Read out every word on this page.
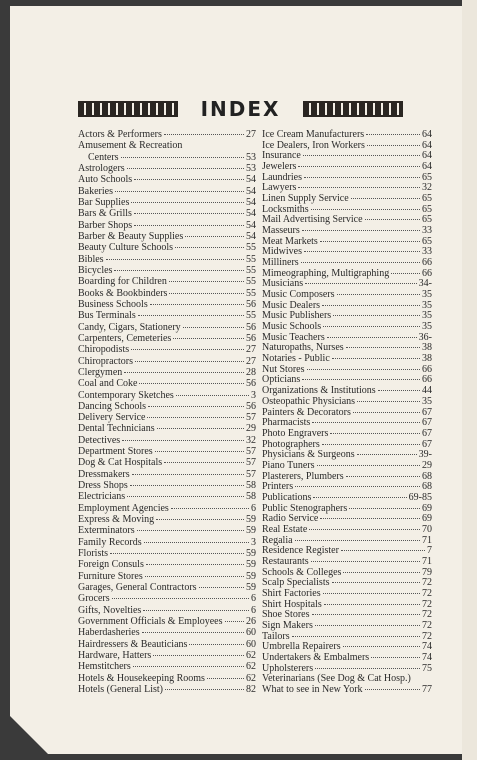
INDEX
Actors & Performers	27
Amusement & Recreation
Centers	53
Astrologers	53
Auto Schools	54
Bakeries	54
Bar Supplies	54
Bars & Grills	54
Barber Shops	54
Barber & Beauty Supplies	54
Beauty Culture Schools	55
Bibles	55
Bicycles	55
Boarding for Children	55
Books & Bookbinders	55
Business Schools	56
Bus Terminals	55
Candy, Cigars, Stationery	56
Carpenters, Cemeteries	56
Chiropodists	27
Chiropractors	27
Clergymen	28
Coal and Coke	56
Contemporary Sketches	3
Dancing Schools	56
Delivery Service	57
Dental Technicians	29
Detectives	32
Department Stores	57
Dog & Cat Hospitals	57
Dressmakers	57
Dress Shops	58
Electricians	58
Employment Agencies	6
Express & Moving	59
Exterminators	59
Family Records	3
Florists	59
Foreign Consuls	59
Furniture Stores	59
Garages, General Contractors	59
Grocers	6
Gifts, Novelties	6
Government Officials & Employees 26
Haberdasheries	60
Hairdressers & Beauticians	60
Hardware, Hatters	62
Hemstitchers	62
Hotels & Housekeeping Rooms	62
Hotels (General List)	82
Ice Cream Manufacturers	64
Ice Dealers, Iron Workers	64
Insurance	64
Jewelers	64
Laundries	65
Lawyers	32
Linen Supply Service	65
Locksmiths	65
Mail Advertising Service	65
Masseurs	33
Meat Markets	65
Midwives	33
Milliners	66
Mimeographing, Multigraphing	66
Musicians	34-
Music Composers	35
Music Dealers	35
Music Publishers	35
Music Schools	35
Music Teachers	36-
Naturopaths, Nurses	38
Notaries - Public	38
Nut Stores	66
Opticians	66
Organizations & Institutions	44
Osteopathic Physicians	35
Painters & Decorators	67
Pharmacists	67
Photo Engravers	67
Photographers	67
Physicians & Surgeons	39-
Piano Tuners	29
Plasterers, Plumbers	68
Printers	68
Publications	69-85
Public Stenographers	69
Radio Service	69
Real Estate	70
Regalia	71
Residence Register	7
Restaurants	71
Schools & Colleges	79
Scalp Specialists	72
Shirt Factories	72
Shirt Hospitals	72
Shoe Stores	72
Sign Makers	72
Tailors	72
Umbrella Repairers	74
Undertakers & Embalmers	74
Upholsterers	75
Veterinarians (See Dog & Cat Hosp.)
What to see in New York	77
